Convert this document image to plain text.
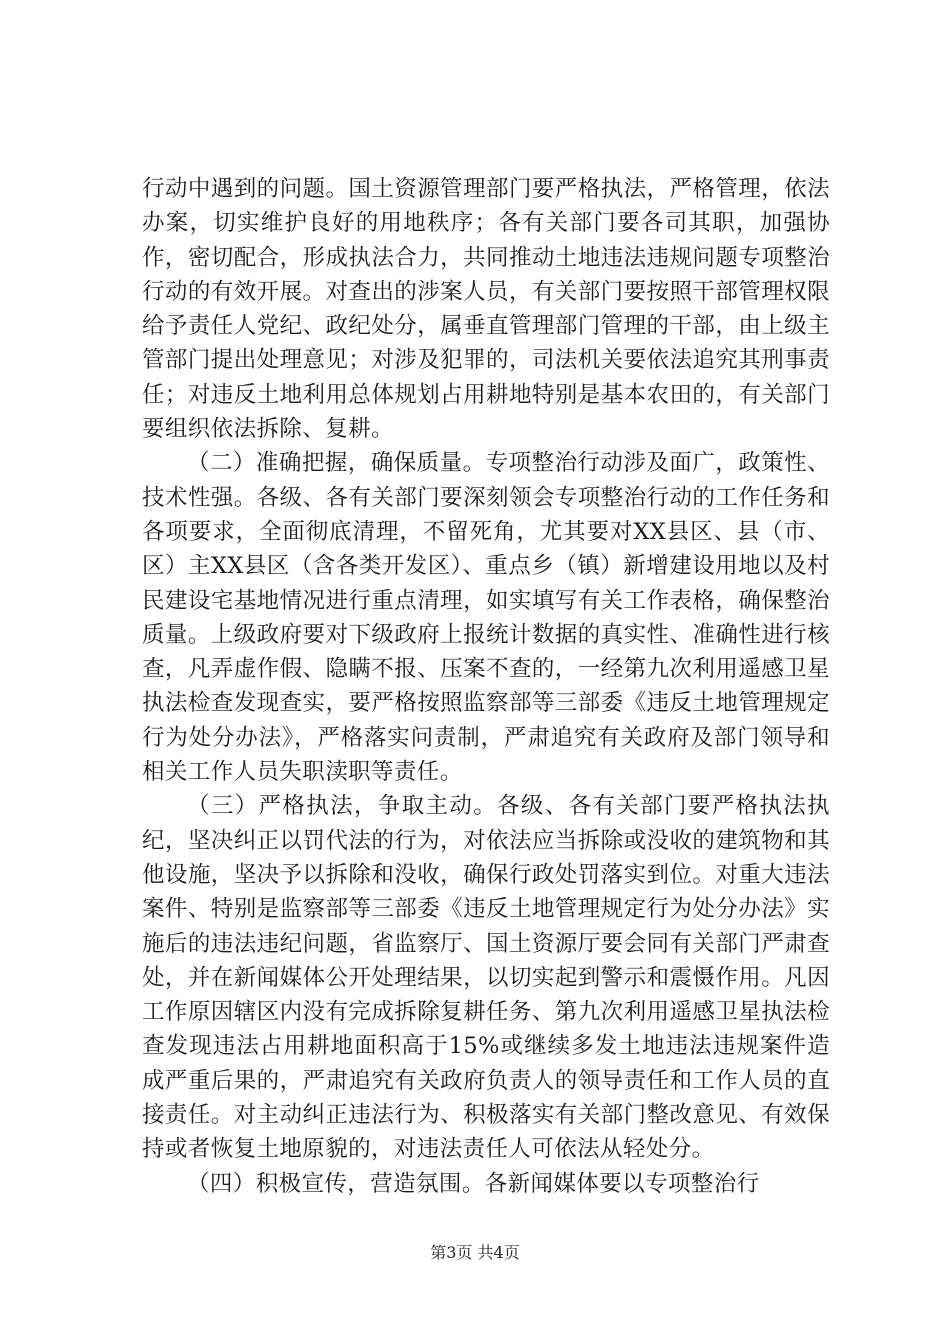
行动中遇到的问题。国土资源管理部门要严格执法，严格管理，依法办案，切实维护良好的用地秩序；各有关部门要各司其职，加强协作，密切配合，形成执法合力，共同推动土地违法违规问题专项整治行动的有效开展。对查出的涉案人员，有关部门要按照干部管理权限给予责任人党纪、政纪处分，属垂直管理部门管理的干部，由上级主管部门提出处理意见；对涉及犯罪的，司法机关要依法追究其刑事责任；对违反土地利用总体规划占用耕地特别是基本农田的，有关部门要组织依法拆除、复耕。

（二）准确把握，确保质量。专项整治行动涉及面广，政策性、技术性强。各级、各有关部门要深刻领会专项整治行动的工作任务和各项要求，全面彻底清理，不留死角，尤其要对XX县区、县（市、区）主XX县区（含各类开发区）、重点乡（镇）新增建设用地以及村民建设宅基地情况进行重点清理，如实填写有关工作表格，确保整治质量。上级政府要对下级政府上报统计数据的真实性、准确性进行核查，凡弄虚作假、隐瞒不报、压案不查的，一经第九次利用遥感卫星执法检查发现查实，要严格按照监察部等三部委《违反土地管理规定行为处分办法》，严格落实问责制，严肃追究有关政府及部门领导和相关工作人员失职渎职等责任。

（三）严格执法，争取主动。各级、各有关部门要严格执法执纪，坚决纠正以罚代法的行为，对依法应当拆除或没收的建筑物和其他设施，坚决予以拆除和没收，确保行政处罚落实到位。对重大违法案件、特别是监察部等三部委《违反土地管理规定行为处分办法》实施后的违法违纪问题，省监察厅、国土资源厅要会同有关部门严肃查处，并在新闻媒体公开处理结果，以切实起到警示和震慑作用。凡因工作原因辖区内没有完成拆除复耕任务、第九次利用遥感卫星执法检查发现违法占用耕地面积高于15%或继续多发土地违法违规案件造成严重后果的，严肃追究有关政府负责人的领导责任和工作人员的直接责任。对主动纠正违法行为、积极落实有关部门整改意见、有效保持或者恢复土地原貌的，对违法责任人可依法从轻处分。

（四）积极宣传，营造氛围。各新闻媒体要以专项整治行

第3页 共4页
